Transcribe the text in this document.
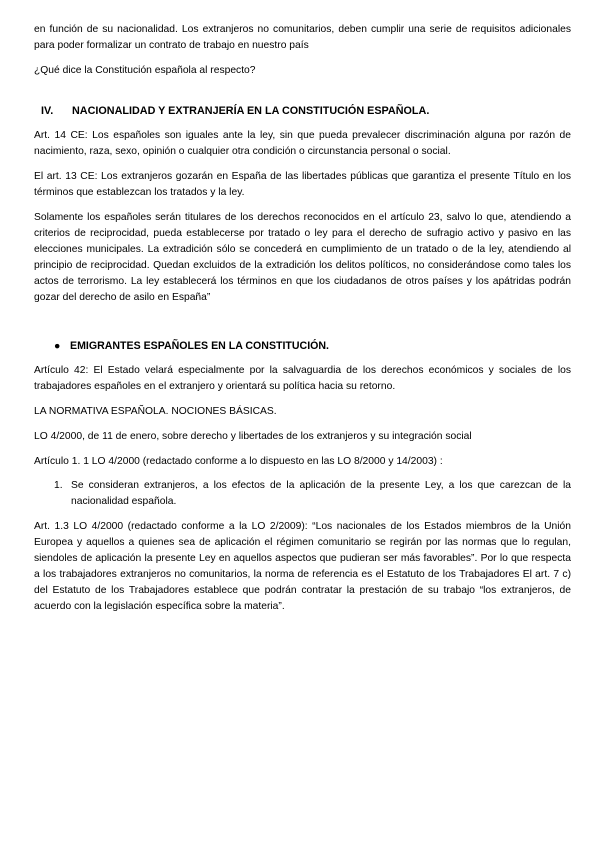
en función de su nacionalidad. Los extranjeros no comunitarios, deben cumplir una serie de requisitos adicionales para poder formalizar un contrato de trabajo en nuestro país

¿Qué dice la Constitución española al respecto?

IV. NACIONALIDAD Y EXTRANJERÍA EN LA CONSTITUCIÓN ESPAÑOLA.

Art. 14 CE: Los españoles son iguales ante la ley, sin que pueda prevalecer discriminación alguna por razón de nacimiento, raza, sexo, opinión o cualquier otra condición o circunstancia personal o social.

El art. 13 CE: Los extranjeros gozarán en España de las libertades públicas que garantiza el presente Título en los términos que establezcan los tratados y la ley.

Solamente los españoles serán titulares de los derechos reconocidos en el artículo 23, salvo lo que, atendiendo a criterios de reciprocidad, pueda establecerse por tratado o ley para el derecho de sufragio activo y pasivo en las elecciones municipales. La extradición sólo se concederá en cumplimiento de un tratado o de la ley, atendiendo al principio de reciprocidad. Quedan excluidos de la extradición los delitos políticos, no considerándose como tales los actos de terrorismo. La ley establecerá los términos en que los ciudadanos de otros países y los apátridas podrán gozar del derecho de asilo en España”

● EMIGRANTES ESPAÑOLES EN LA CONSTITUCIÓN.

Artículo 42: El Estado velará especialmente por la salvaguardia de los derechos económicos y sociales de los trabajadores españoles en el extranjero y orientará su política hacia su retorno.

LA NORMATIVA ESPAÑOLA. NOCIONES BÁSICAS.

LO 4/2000, de 11 de enero, sobre derecho y libertades de los extranjeros y su integración social

Artículo 1. 1 LO 4/2000 (redactado conforme a lo dispuesto en las LO 8/2000 y 14/2003) :

1. Se consideran extranjeros, a los efectos de la aplicación de la presente Ley, a los que carezcan de la nacionalidad española.

Art. 1.3 LO 4/2000 (redactado conforme a la LO 2/2009): “Los nacionales de los Estados miembros de la Unión Europea y aquellos a quienes sea de aplicación el régimen comunitario se regirán por las normas que lo regulan, siendoles de aplicación la presente Ley en aquellos aspectos que pudieran ser más favorables”. Por lo que respecta a los trabajadores extranjeros no comunitarios, la norma de referencia es el Estatuto de los Trabajadores El art. 7 c) del Estatuto de los Trabajadores establece que podrán contratar la prestación de su trabajo “los extranjeros, de acuerdo con la legislación específica sobre la materia”.
